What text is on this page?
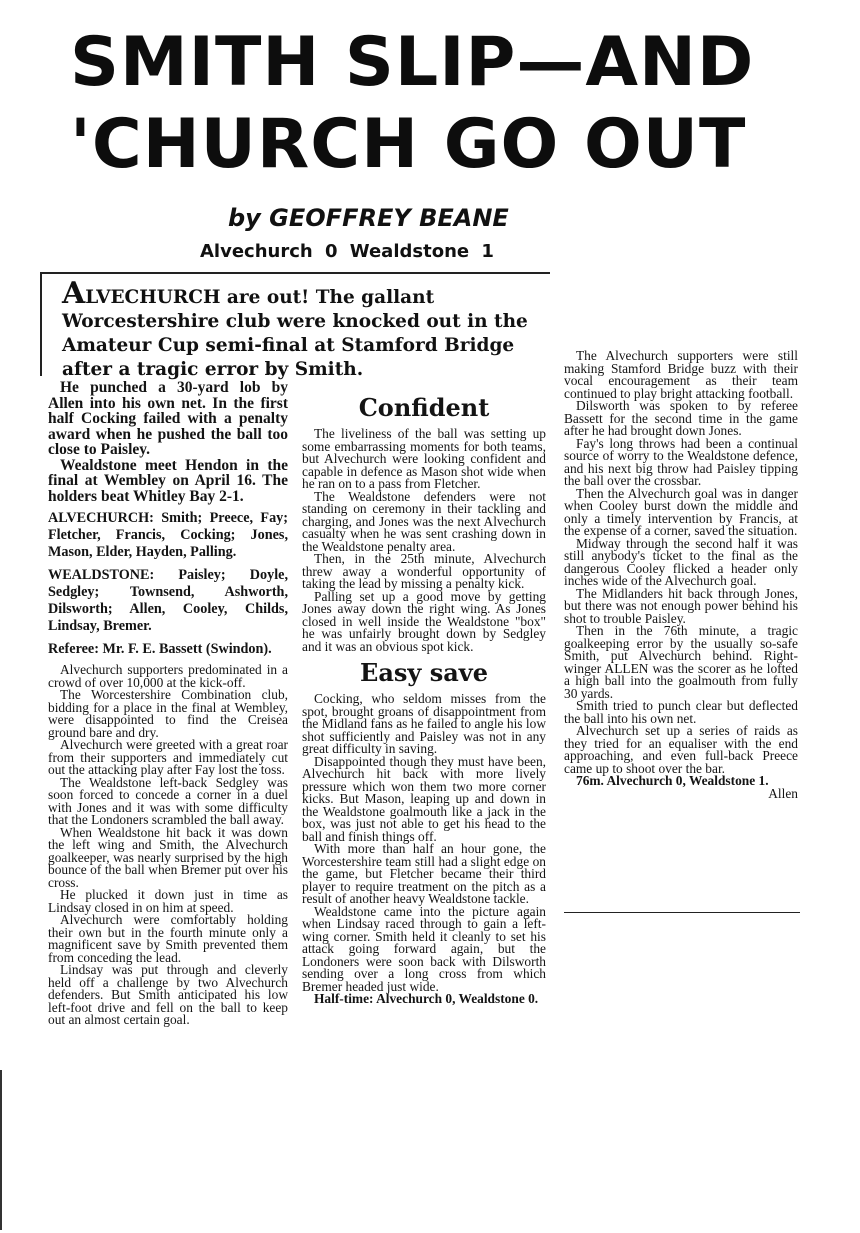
SMITH SLIP—AND
'CHURCH GO OUT
by GEOFFREY BEANE
Alvechurch 0 Wealdstone 1

ALVECHURCH are out! The gallant Worcestershire club were knocked out in the Amateur Cup semi-final at Stamford Bridge after a tragic error by Smith.

He punched a 30-yard lob by Allen into his own net. In the first half Cocking failed with a penalty award when he pushed the ball too close to Paisley.

Wealdstone meet Hendon in the final at Wembley on April 16. The holders beat Whitley Bay 2-1.

ALVECHURCH: Smith; Preece, Fay; Fletcher, Francis, Cocking; Jones, Mason, Elder, Hayden, Palling.

WEALDSTONE: Paisley; Doyle, Sedgley; Townsend, Ashworth, Dilsworth; Allen, Cooley, Childs, Lindsay, Bremer.

Referee: Mr. F. E. Bassett (Swindon).

Alvechurch supporters predominated in a crowd of over 10,000 at the kick-off.

The Worcestershire Combination club, bidding for a place in the final at Wembley, were disappointed to find the Creisea ground bare and dry.

Alvechurch were greeted with a great roar from their supporters and immediately cut out the attacking play after Fay lost the toss.

The Wealdstone left-back Sedgley was soon forced to concede a corner in a duel with Jones and it was with some difficulty that the Londoners scrambled the ball away.

When Wealdstone hit back it was down the left wing and Smith, the Alvechurch goalkeeper, was nearly surprised by the high bounce of the ball when Bremer put over his cross.

He plucked it down just in time as Lindsay closed in on him at speed.

Alvechurch were comfortably holding their own but in the fourth minute only a magnificent save by Smith prevented them from conceding the lead.

Lindsay was put through and cleverly held off a challenge by two Alvechurch defenders. But Smith anticipated his low left-foot drive and fell on the ball to keep out an almost certain goal.

Confident

The liveliness of the ball was setting up some embarrassing moments for both teams, but Alvechurch were looking confident and capable in defence as Mason shot wide when he ran on to a pass from Fletcher.

The Wealdstone defenders were not standing on ceremony in their tackling and charging, and Jones was the next Alvechurch casualty when he was sent crashing down in the Wealdstone penalty area.

Then, in the 25th minute, Alvechurch threw away a wonderful opportunity of taking the lead by missing a penalty kick.

Palling set up a good move by getting Jones away down the right wing. As Jones closed in well inside the Wealdstone "box" he was unfairly brought down by Sedgley and it was an obvious spot kick.

Easy save

Cocking, who seldom misses from the spot, brought groans of disappointment from the Midland fans as he failed to angle his low shot sufficiently and Paisley was not in any great difficulty in saving.

Disappointed though they must have been, Alvechurch hit back with more lively pressure which won them two more corner kicks. But Mason, leaping up and down in the Wealdstone goalmouth like a jack in the box, was just not able to get his head to the ball and finish things off.

With more than half an hour gone, the Worcestershire team still had a slight edge on the game, but Fletcher became their third player to require treatment on the pitch as a result of another heavy Wealdstone tackle.

Wealdstone came into the picture again when Lindsay raced through to gain a left-wing corner. Smith held it cleanly to set his attack going forward again, but the Londoners were soon back with Dilsworth sending over a long cross from which Bremer headed just wide.

Half-time: Alvechurch 0, Wealdstone 0.

The Alvechurch supporters were still making Stamford Bridge buzz with their vocal encouragement as their team continued to play bright attacking football.

Dilsworth was spoken to by referee Bassett for the second time in the game after he had brought down Jones.

Fay's long throws had been a continual source of worry to the Wealdstone defence, and his next big throw had Paisley tipping the ball over the crossbar.

Then the Alvechurch goal was in danger when Cooley burst down the middle and only a timely intervention by Francis, at the expense of a corner, saved the situation.

Midway through the second half it was still anybody's ticket to the final as the dangerous Cooley flicked a header only inches wide of the Alvechurch goal.

The Midlanders hit back through Jones, but there was not enough power behind his shot to trouble Paisley.

Then in the 76th minute, a tragic goalkeeping error by the usually so-safe Smith, put Alvechurch behind. Right-winger ALLEN was the scorer as he lofted a high ball into the goalmouth from fully 30 yards.

Smith tried to punch clear but deflected the ball into his own net.

Alvechurch set up a series of raids as they tried for an equaliser with the end approaching, and even full-back Preece came up to shoot over the bar.

76m. Alvechurch 0, Wealdstone 1.

Allen
